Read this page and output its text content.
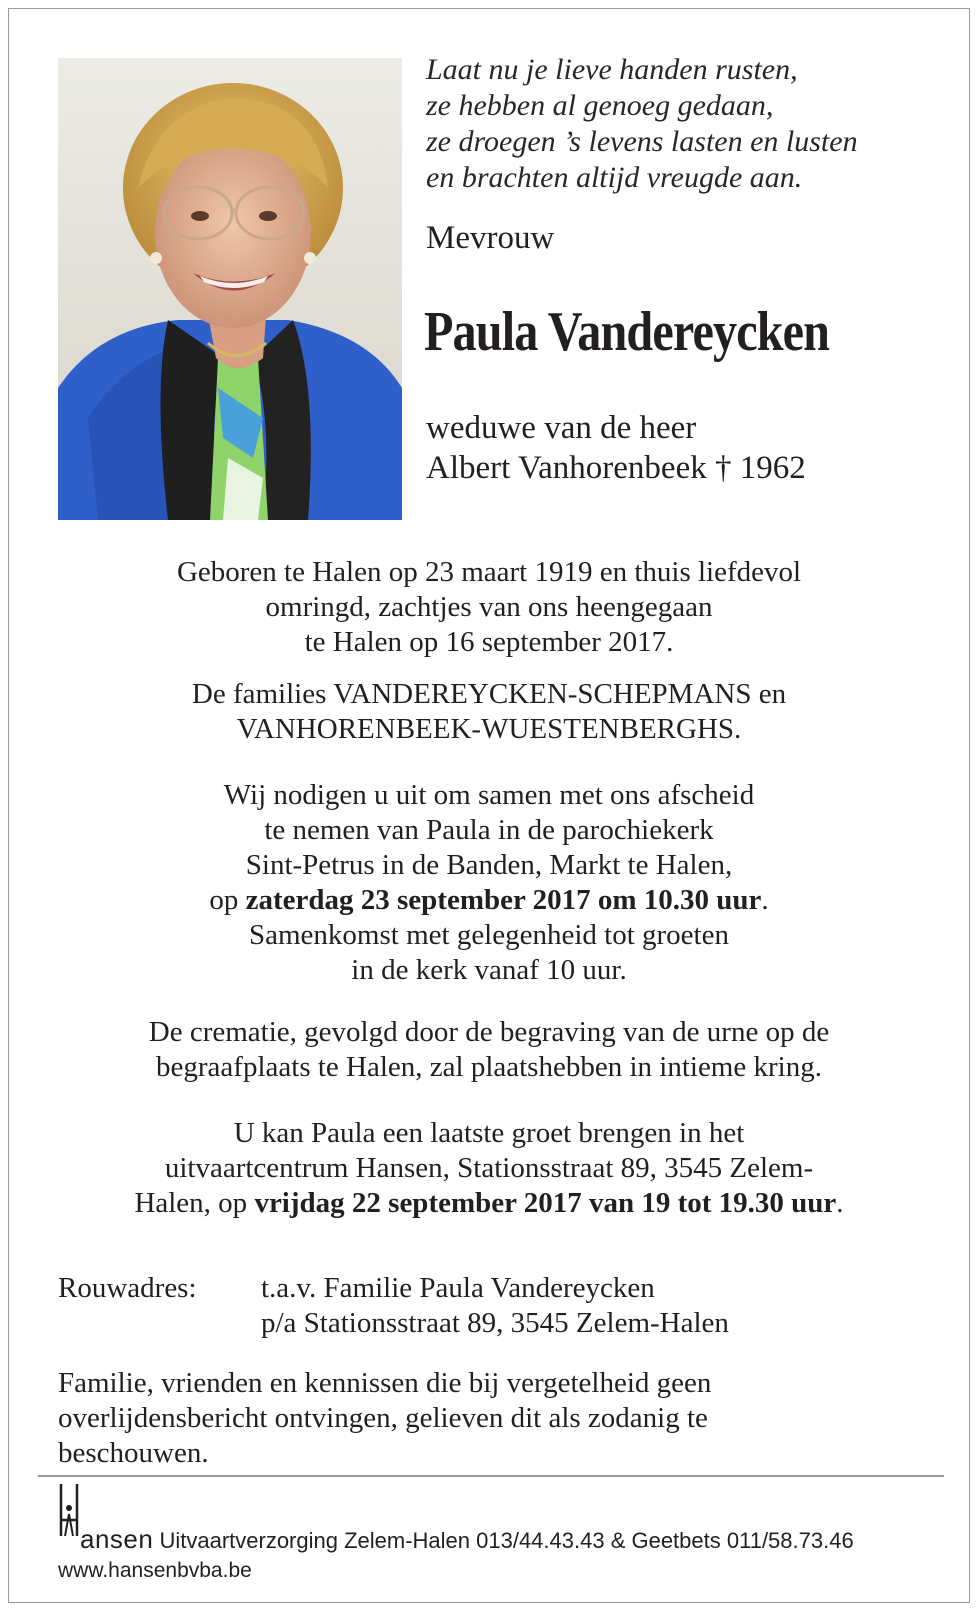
Laat nu je lieve handen rusten,
ze hebben al genoeg gedaan,
ze droegen ’s levens lasten en lusten
en brachten altijd vreugde aan.
Mevrouw
Paula Vandereycken
weduwe van de heer
Albert Vanhorenbeek † 1962
Geboren te Halen op 23 maart 1919 en thuis liefdevol
omringd, zachtjes van ons heengegaan
te Halen op 16 september 2017.
De families VANDEREYCKEN-SCHEPMANS en
VANHORENBEEK-WUESTENBERGHS.
Wij nodigen u uit om samen met ons afscheid
te nemen van Paula in de parochiekerk
Sint-Petrus in de Banden, Markt te Halen,
op zaterdag 23 september 2017 om 10.30 uur.
Samenkomst met gelegenheid tot groeten
in de kerk vanaf 10 uur.
De crematie, gevolgd door de begraving van de urne op de
begraafplaats te Halen, zal plaatshebben in intieme kring.
U kan Paula een laatste groet brengen in het
uitvaartcentrum Hansen, Stationsstraat 89, 3545 Zelem-
Halen, op vrijdag 22 september 2017 van 19 tot 19.30 uur.
Rouwadres: t.a.v. Familie Paula Vandereycken
p/a Stationsstraat 89, 3545 Zelem-Halen
Familie, vrienden en kennissen die bij vergetelheid geen
overlijdensbericht ontvingen, gelieven dit als zodanig te
beschouwen.
ansen Uitvaartverzorging Zelem-Halen 013/44.43.43 & Geetbets 011/58.73.46
www.hansenbvba.be
